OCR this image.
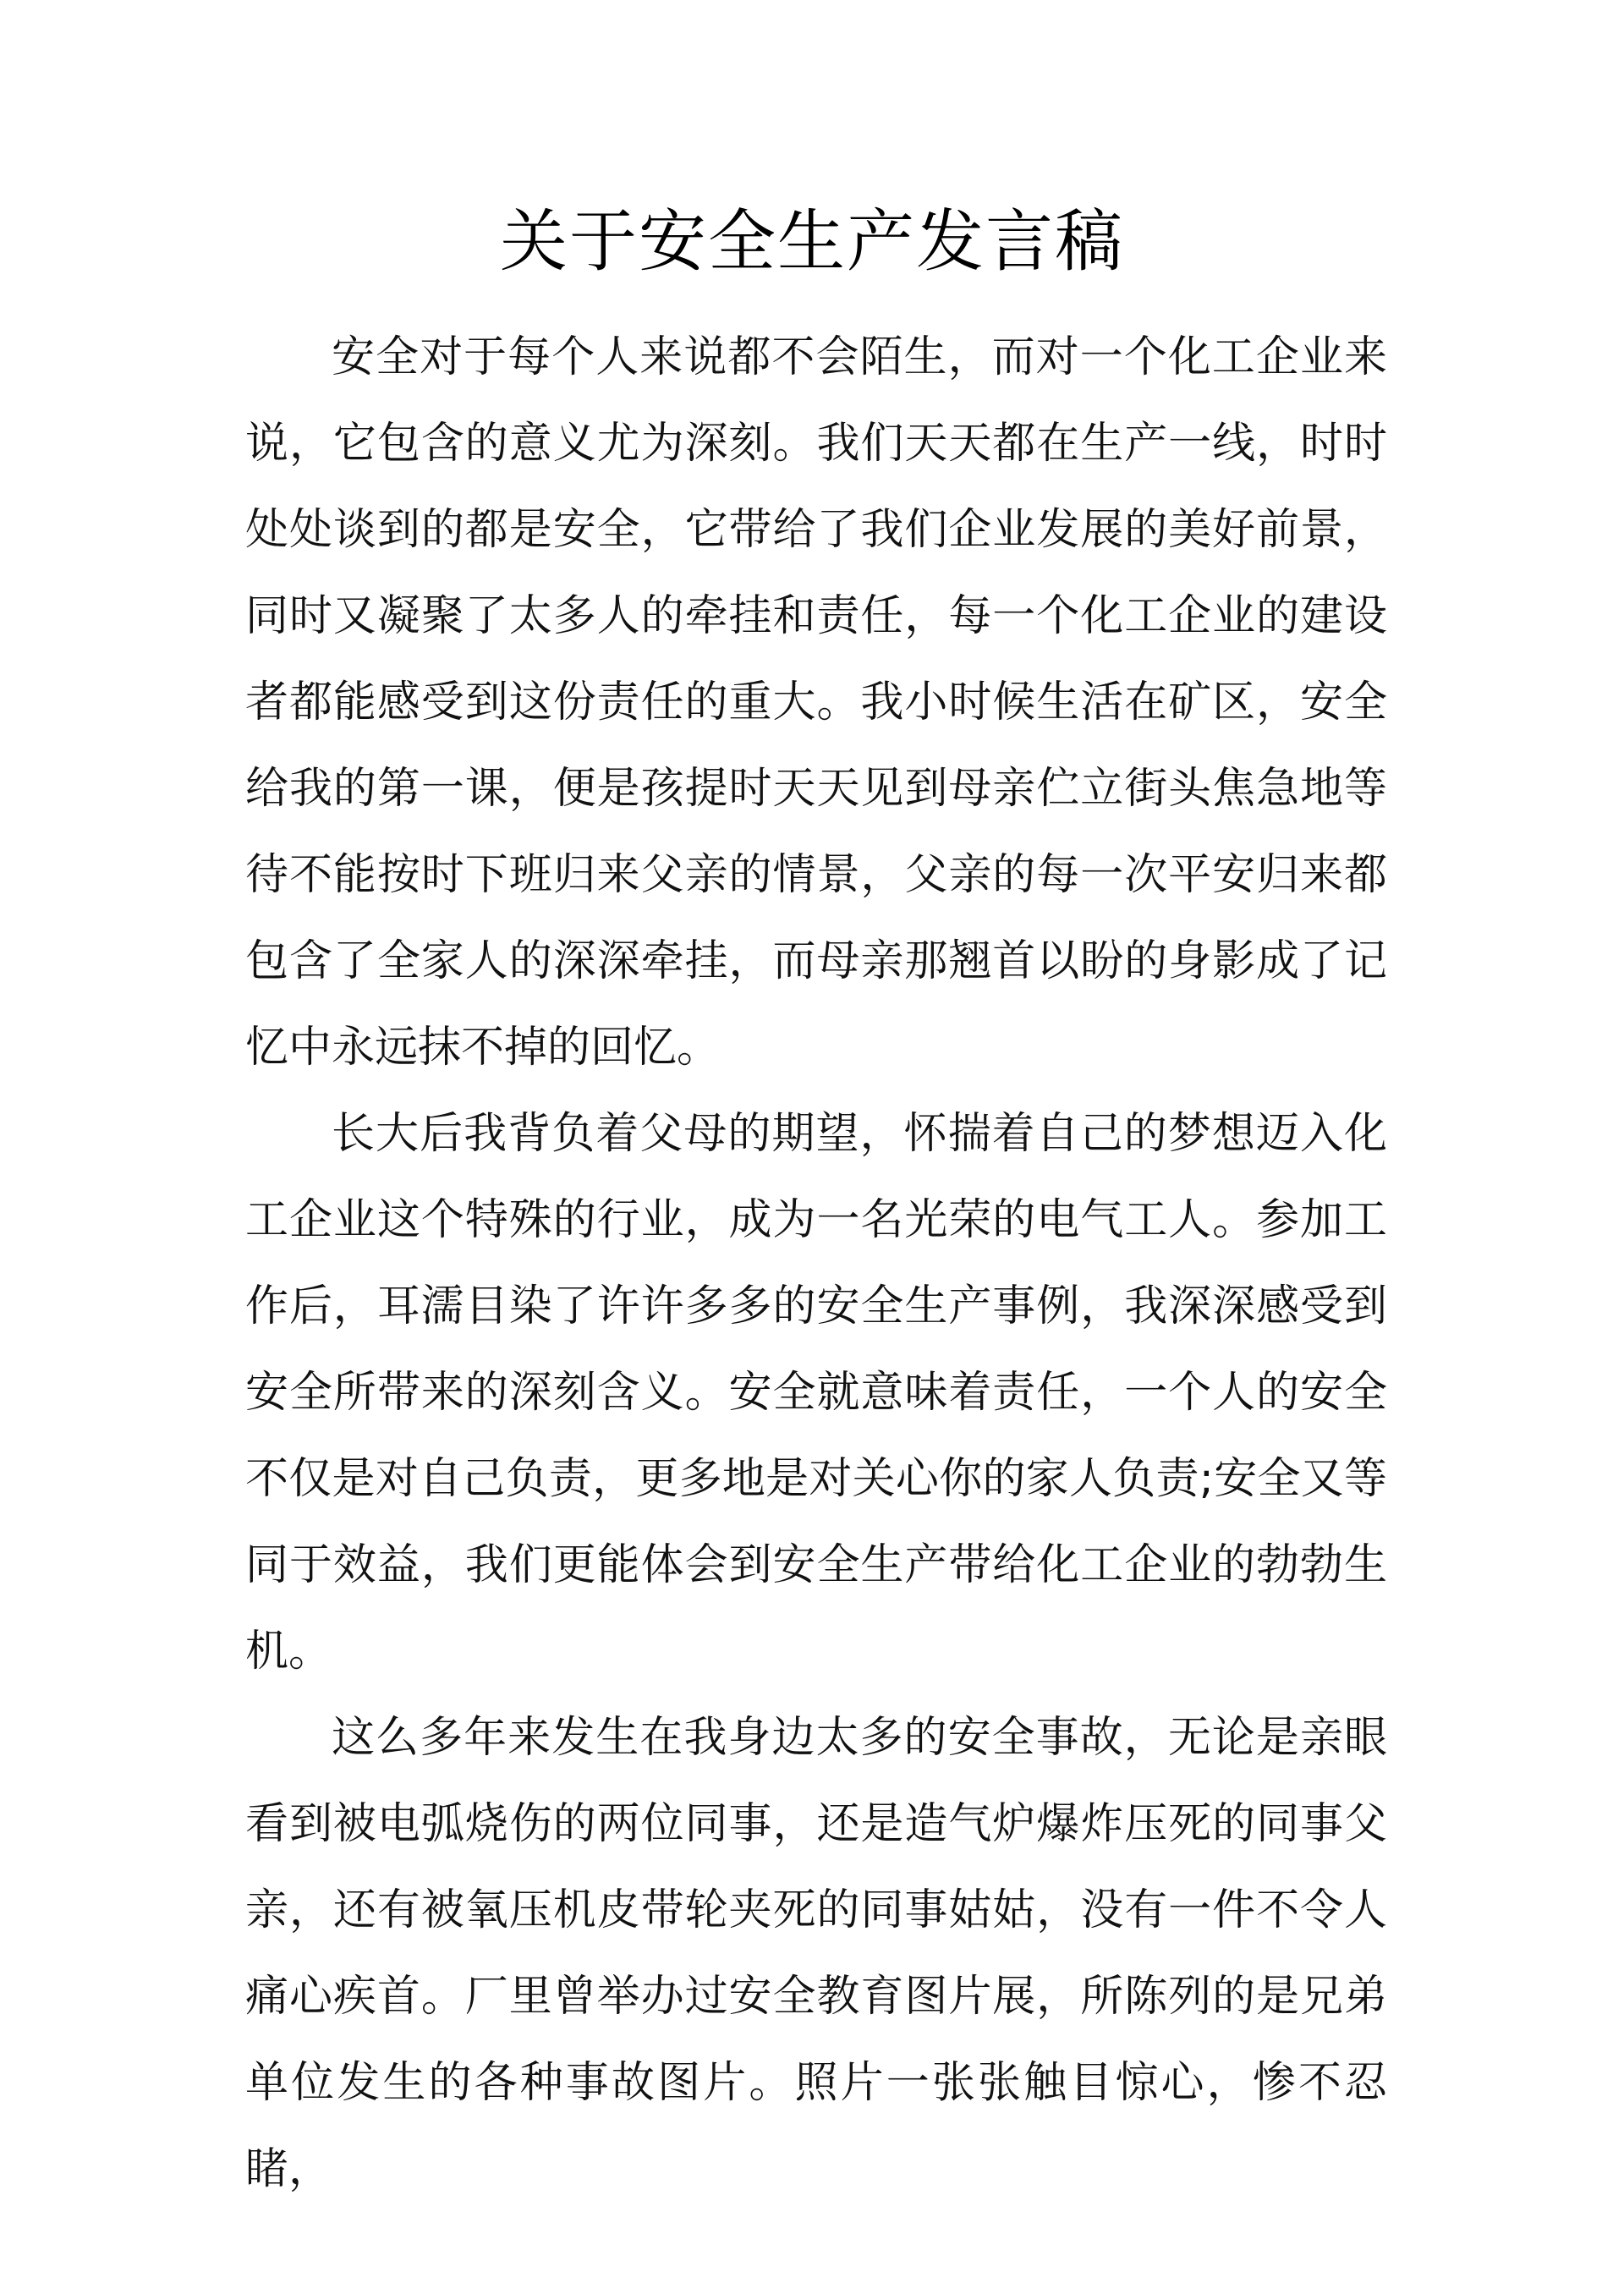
关于安全生产发言稿

安全对于每个人来说都不会陌生，而对一个化工企业来说，它包含的意义尤为深刻。我们天天都在生产一线，时时处处谈到的都是安全，它带给了我们企业发展的美好前景，同时又凝聚了太多人的牵挂和责任，每一个化工企业的建设者都能感受到这份责任的重大。我小时候生活在矿区，安全给我的第一课，便是孩提时天天见到母亲伫立街头焦急地等待不能按时下班归来父亲的情景，父亲的每一次平安归来都包含了全家人的深深牵挂，而母亲那翘首以盼的身影成了记忆中永远抹不掉的回忆。

长大后我背负着父母的期望，怀揣着自己的梦想迈入化工企业这个特殊的行业，成为一名光荣的电气工人。参加工作后，耳濡目染了许许多多的安全生产事例，我深深感受到安全所带来的深刻含义。安全就意味着责任，一个人的安全不仅是对自己负责，更多地是对关心你的家人负责;安全又等同于效益，我们更能体会到安全生产带给化工企业的勃勃生机。

这么多年来发生在我身边太多的安全事故，无论是亲眼看到被电弧烧伤的两位同事，还是造气炉爆炸压死的同事父亲，还有被氧压机皮带轮夹死的同事姑姑，没有一件不令人痛心疾首。厂里曾举办过安全教育图片展，所陈列的是兄弟单位发生的各种事故图片。照片一张张触目惊心，惨不忍睹，
